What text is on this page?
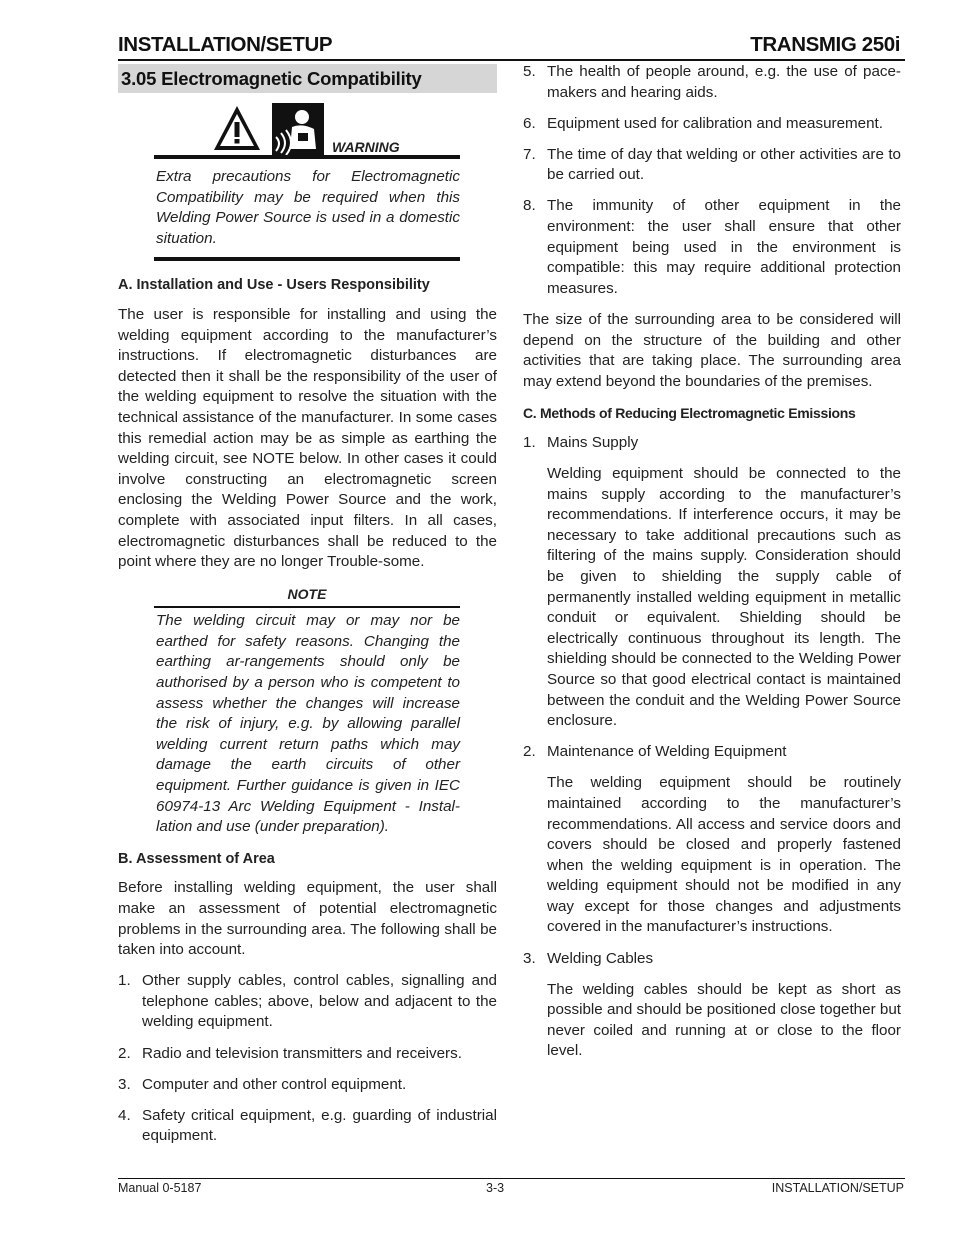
INSTALLATION/SETUP	TRANSMIG 250i
3.05 Electromagnetic Compatibility
WARNING

Extra precautions for Electromagnetic Compatibility may be required when this Welding Power Source is used in a domestic situation.

A. Installation and Use - Users Responsibility

The user is responsible for installing and using the welding equipment according to the manufacturer’s instructions. If electromagnetic disturbances are detected then it shall be the responsibility of the user of the welding equipment to resolve the situation with the technical assistance of the manufacturer. In some cases this remedial action may be as simple as earthing the welding circuit, see NOTE below. In other cases it could involve constructing an electromagnetic screen enclosing the Welding Power Source and the work, complete with associated input filters. In all cases, electromagnetic disturbances shall be reduced to the point where they are no longer Trouble-some.

NOTE

The welding circuit may or may nor be earthed for safety reasons. Changing the earthing ar-rangements should only be authorised by a person who is competent to assess whether the changes will increase the risk of injury, e.g. by allowing parallel welding current return paths which may damage the earth circuits of other equipment. Further guidance is given in IEC 60974-13 Arc Welding Equipment - Instal-lation and use (under preparation).

B. Assessment of Area

Before installing welding equipment, the user shall make an assessment of potential electromagnetic problems in the surrounding area. The following shall be taken into account.

1. Other supply cables, control cables, signalling and telephone cables; above, below and adjacent to the welding equipment.
2. Radio and television transmitters and receivers.
3. Computer and other control equipment.
4. Safety critical equipment, e.g. guarding of industrial equipment.
5. The health of people around, e.g. the use of pace-makers and hearing aids.
6. Equipment used for calibration and measurement.
7. The time of day that welding or other activities are to be carried out.
8. The immunity of other equipment in the environment: the user shall ensure that other equipment being used in the environment is compatible: this may require additional protection measures.

The size of the surrounding area to be considered will depend on the structure of the building and other activities that are taking place. The surrounding area may extend beyond the boundaries of the premises.

C. Methods of Reducing Electromagnetic Emissions
1. Mains Supply

Welding equipment should be connected to the mains supply according to the manufacturer’s recommendations. If interference occurs, it may be necessary to take additional precautions such as filtering of the mains supply. Consideration should be given to shielding the supply cable of permanently installed welding equipment in metallic conduit or equivalent. Shielding should be electrically continuous throughout its length. The shielding should be connected to the Welding Power Source so that good electrical contact is maintained between the conduit and the Welding Power Source enclosure.

2. Maintenance of Welding Equipment

The welding equipment should be routinely maintained according to the manufacturer’s recommendations. All access and service doors and covers should be closed and properly fastened when the welding equipment is in operation. The welding equipment should not be modified in any way except for those changes and adjustments covered in the manufacturer’s instructions.

3. Welding Cables

The welding cables should be kept as short as possible and should be positioned close together but never coiled and running at or close to the floor level.

Manual 0-5187	3-3	INSTALLATION/SETUP
